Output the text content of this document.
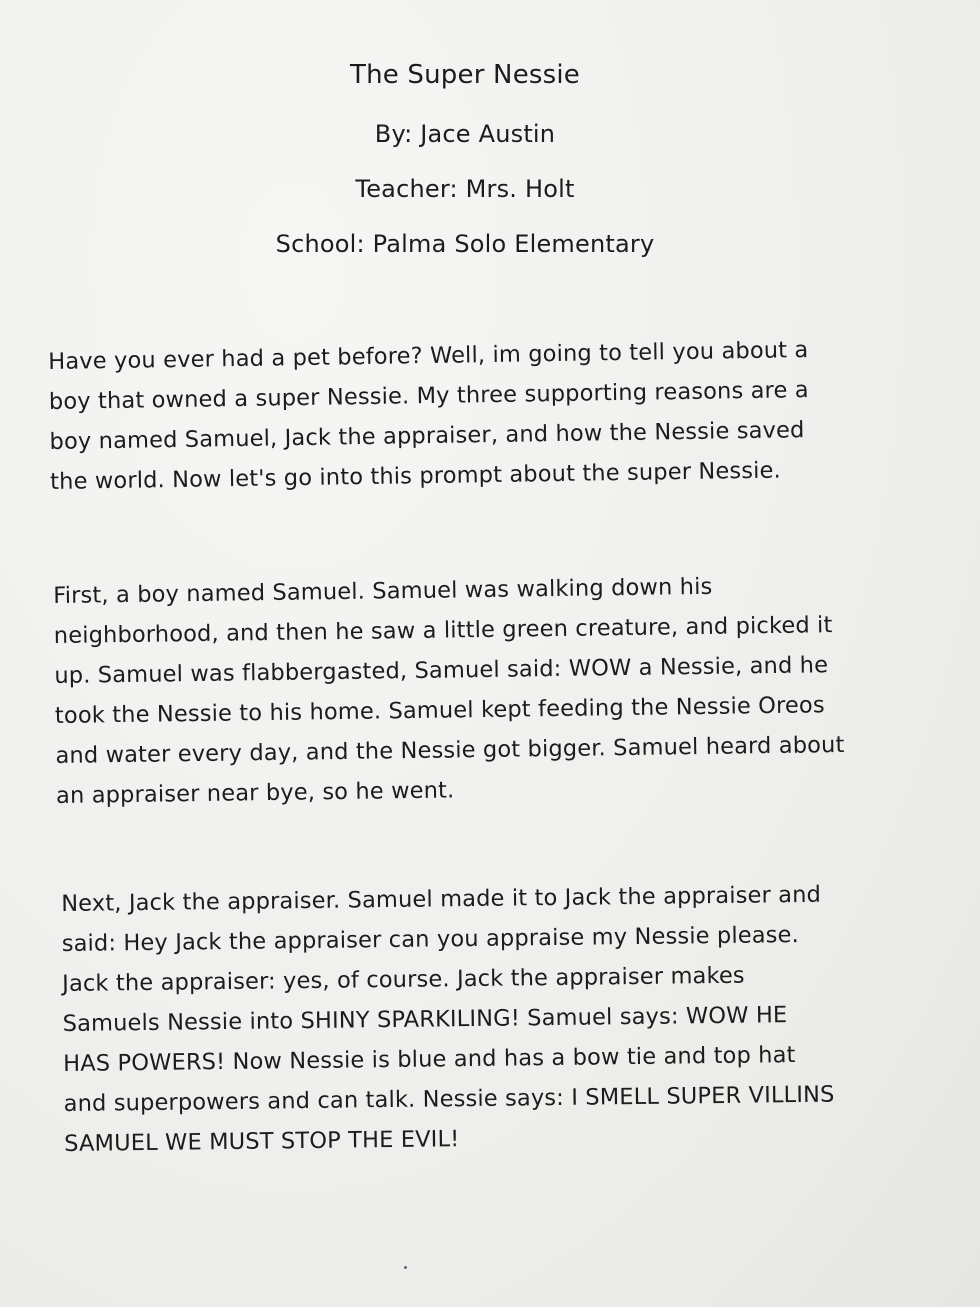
The Super Nessie
By: Jace Austin
Teacher: Mrs. Holt
School: Palma Solo Elementary
Have you ever had a pet before? Well, im going to tell you about a
boy that owned a super Nessie. My three supporting reasons are a
boy named Samuel, Jack the appraiser, and how the Nessie saved
the world. Now let's go into this prompt about the super Nessie.
First, a boy named Samuel. Samuel was walking down his
neighborhood, and then he saw a little green creature, and picked it
up. Samuel was flabbergasted, Samuel said: WOW a Nessie, and he
took the Nessie to his home. Samuel kept feeding the Nessie Oreos
and water every day, and the Nessie got bigger. Samuel heard about
an appraiser near bye, so he went.
Next, Jack the appraiser. Samuel made it to Jack the appraiser and
said: Hey Jack the appraiser can you appraise my Nessie please.
Jack the appraiser: yes, of course. Jack the appraiser makes
Samuels Nessie into SHINY SPARKILING! Samuel says: WOW HE
HAS POWERS! Now Nessie is blue and has a bow tie and top hat
and superpowers and can talk. Nessie says: I SMELL SUPER VILLINS
SAMUEL WE MUST STOP THE EVIL!
